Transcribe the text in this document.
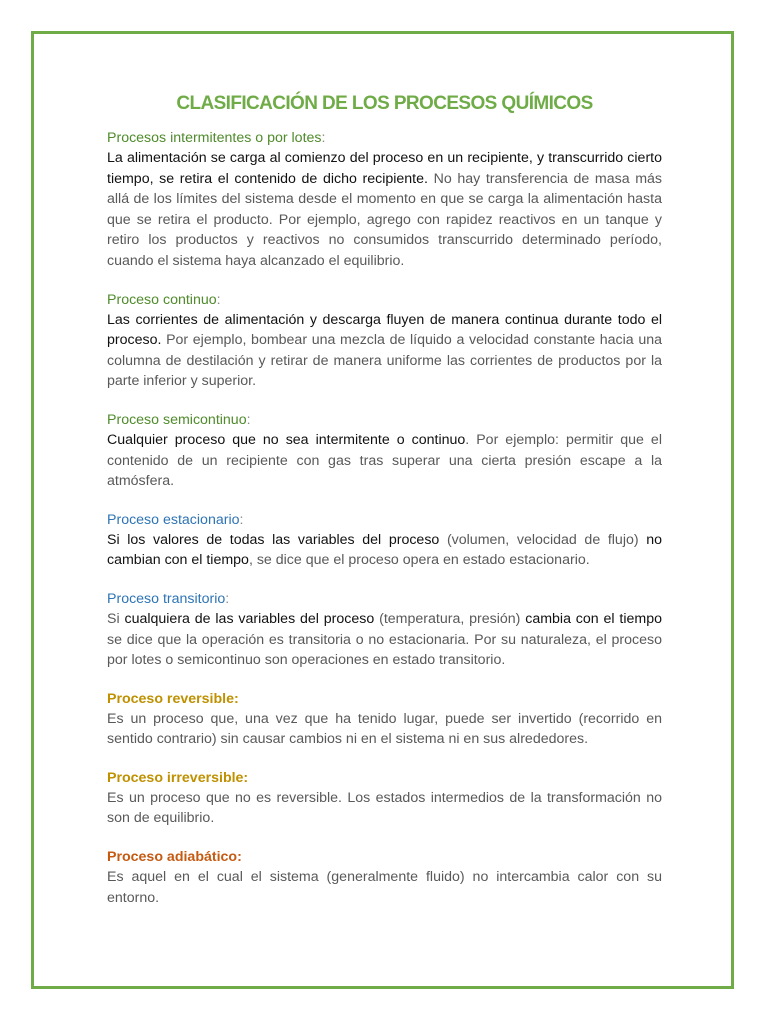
CLASIFICACIÓN DE LOS PROCESOS QUÍMICOS

Procesos intermitentes o por lotes:

La alimentación se carga al comienzo del proceso en un recipiente, y transcurrido cierto tiempo, se retira el contenido de dicho recipiente. No hay transferencia de masa más allá de los límites del sistema desde el momento en que se carga la alimentación hasta que se retira el producto. Por ejemplo, agrego con rapidez reactivos en un tanque y retiro los productos y reactivos no consumidos transcurrido determinado período, cuando el sistema haya alcanzado el equilibrio.

Proceso continuo:

Las corrientes de alimentación y descarga fluyen de manera continua durante todo el proceso. Por ejemplo, bombear una mezcla de líquido a velocidad constante hacia una columna de destilación y retirar de manera uniforme las corrientes de productos por la parte inferior y superior.

Proceso semicontinuo:

Cualquier proceso que no sea intermitente o continuo. Por ejemplo: permitir que el contenido de un recipiente con gas tras superar una cierta presión escape a la atmósfera.

Proceso estacionario:

Si los valores de todas las variables del proceso (volumen, velocidad de flujo) no cambian con el tiempo, se dice que el proceso opera en estado estacionario.

Proceso transitorio:

Si cualquiera de las variables del proceso (temperatura, presión) cambia con el tiempo se dice que la operación es transitoria o no estacionaria. Por su naturaleza, el proceso por lotes o semicontinuo son operaciones en estado transitorio.

Proceso reversible:

Es un proceso que, una vez que ha tenido lugar, puede ser invertido (recorrido en sentido contrario) sin causar cambios ni en el sistema ni en sus alrededores.

Proceso irreversible:

Es un proceso que no es reversible. Los estados intermedios de la transformación no son de equilibrio.

Proceso adiabático:

Es aquel en el cual el sistema (generalmente fluido) no intercambia calor con su entorno.
